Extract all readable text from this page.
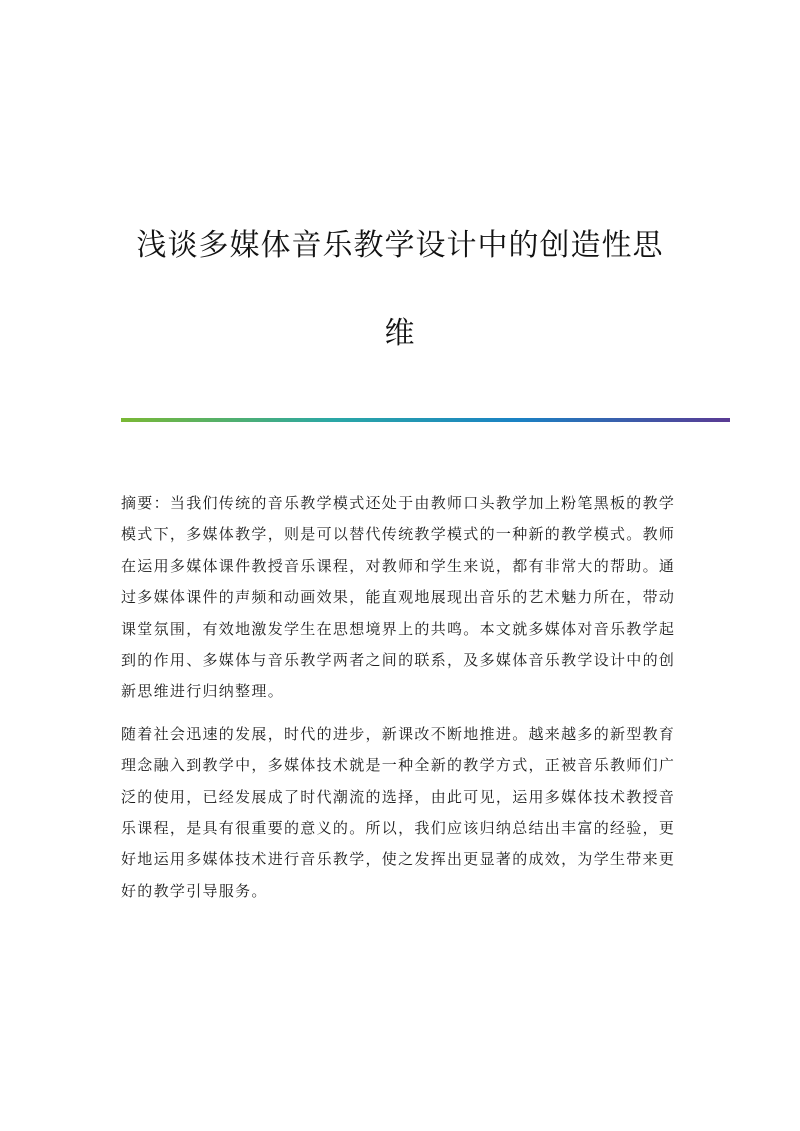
浅谈多媒体音乐教学设计中的创造性思
维

摘要：当我们传统的音乐教学模式还处于由教师口头教学加上粉笔黑板的教学
模式下，多媒体教学，则是可以替代传统教学模式的一种新的教学模式。教师
在运用多媒体课件教授音乐课程，对教师和学生来说，都有非常大的帮助。通
过多媒体课件的声频和动画效果，能直观地展现出音乐的艺术魅力所在，带动
课堂氛围，有效地激发学生在思想境界上的共鸣。本文就多媒体对音乐教学起
到的作用、多媒体与音乐教学两者之间的联系，及多媒体音乐教学设计中的创
新思维进行归纳整理。

随着社会迅速的发展，时代的进步，新课改不断地推进。越来越多的新型教育
理念融入到教学中，多媒体技术就是一种全新的教学方式，正被音乐教师们广
泛的使用，已经发展成了时代潮流的选择，由此可见，运用多媒体技术教授音
乐课程，是具有很重要的意义的。所以，我们应该归纳总结出丰富的经验，更
好地运用多媒体技术进行音乐教学，使之发挥出更显著的成效，为学生带来更
好的教学引导服务。
